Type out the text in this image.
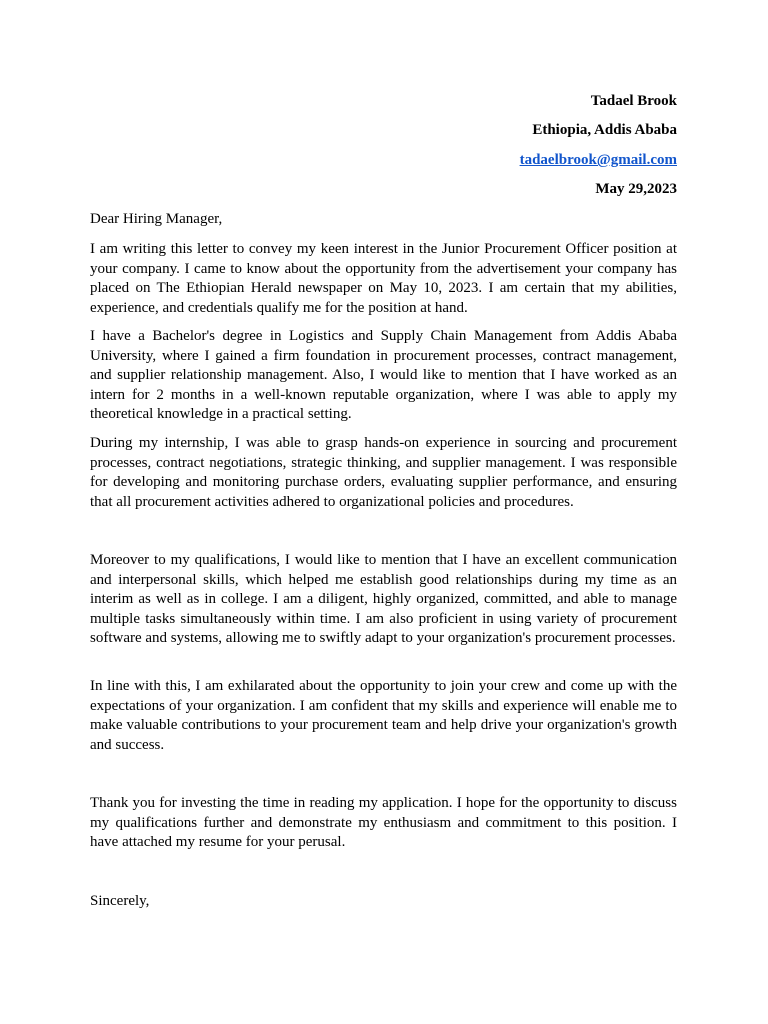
Tadael Brook
Ethiopia, Addis Ababa
tadaelbrook@gmail.com
May 29,2023

Dear Hiring Manager,

I am writing this letter to convey my keen interest in the Junior Procurement Officer position at your company. I came to know about the opportunity from the advertisement your company has placed on The Ethiopian Herald newspaper on May 10, 2023. I am certain that my abilities, experience, and credentials qualify me for the position at hand.

I have a Bachelor's degree in Logistics and Supply Chain Management from Addis Ababa University, where I gained a firm foundation in procurement processes, contract management, and supplier relationship management. Also, I would like to mention that I have worked as an intern for 2 months in a well-known reputable organization, where I was able to apply my theoretical knowledge in a practical setting.

During my internship, I was able to grasp hands-on experience in sourcing and procurement processes, contract negotiations, strategic thinking, and supplier management. I was responsible for developing and monitoring purchase orders, evaluating supplier performance, and ensuring that all procurement activities adhered to organizational policies and procedures.

Moreover to my qualifications, I would like to mention that I have an excellent communication and interpersonal skills, which helped me establish good relationships during my time as an interim as well as in college. I am a diligent, highly organized, committed, and able to manage multiple tasks simultaneously within time. I am also proficient in using variety of procurement software and systems, allowing me to swiftly adapt to your organization's procurement processes.

In line with this, I am exhilarated about the opportunity to join your crew and come up with the expectations of your organization. I am confident that my skills and experience will enable me to make valuable contributions to your procurement team and help drive your organization's growth and success.

Thank you for investing the time in reading my application. I hope for the opportunity to discuss my qualifications further and demonstrate my enthusiasm and commitment to this position. I have attached my resume for your perusal.

Sincerely,
